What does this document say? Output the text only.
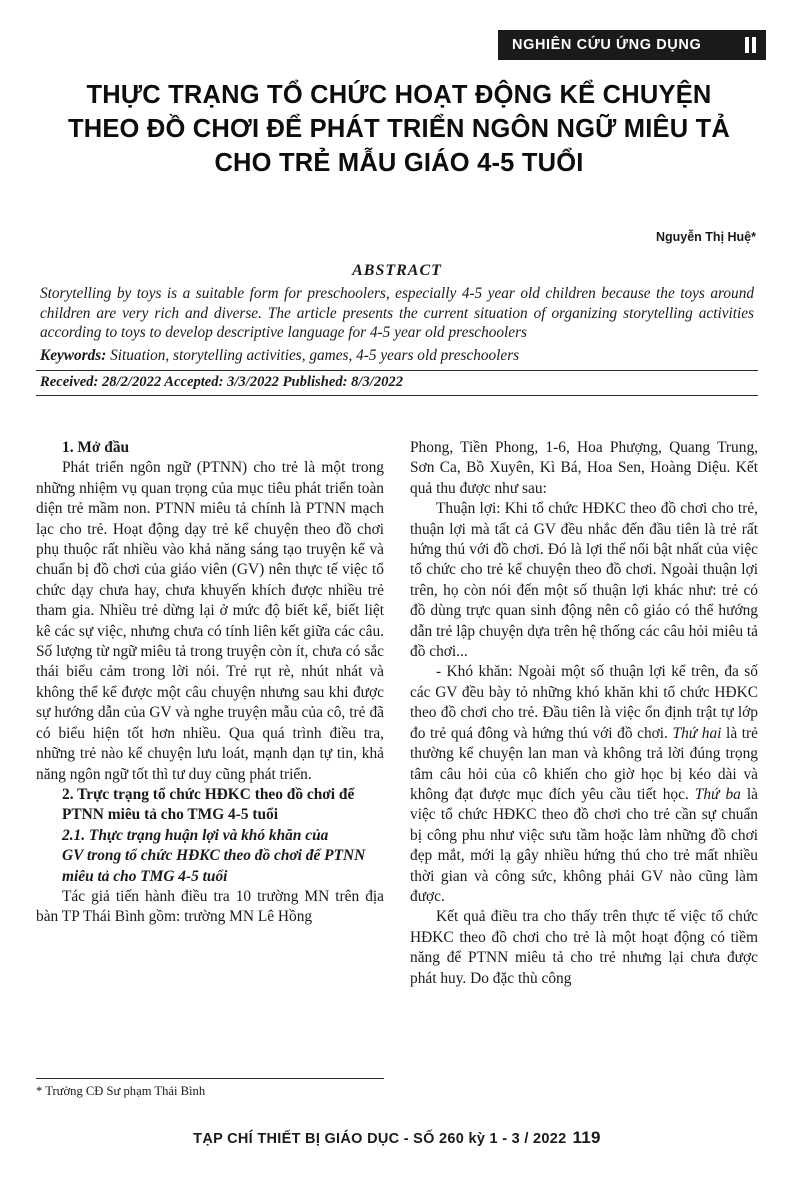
NGHIÊN CỨU ỨNG DỤNG
THỰC TRẠNG TỔ CHỨC HOẠT ĐỘNG KỂ CHUYỆN
THEO ĐỒ CHƠI ĐỂ PHÁT TRIỂN NGÔN NGỮ MIÊU TẢ
CHO TRẺ MẪU GIÁO 4-5 TUỔI
Nguyễn Thị Huệ*
ABSTRACT
Storytelling by toys is a suitable form for preschoolers, especially 4-5 year old children because the toys around children are very rich and diverse. The article presents the current situation of organizing storytelling activities according to toys to develop descriptive language for 4-5 year old preschoolers
Keywords: Situation, storytelling activities, games, 4-5 years old preschoolers
Received: 28/2/2022 Accepted: 3/3/2022 Published: 8/3/2022

1. Mở đầu

Phát triển ngôn ngữ (PTNN) cho trẻ là một trong những nhiệm vụ quan trọng của mục tiêu phát triển toàn diện trẻ mầm non. PTNN miêu tả chính là PTNN mạch lạc cho trẻ. Hoạt động dạy trẻ kể chuyện theo đồ chơi phụ thuộc rất nhiều vào khả năng sáng tạo truyện kể và chuẩn bị đồ chơi của giáo viên (GV) nên thực tế việc tổ chức dạy chưa hay, chưa khuyến khích được nhiều trẻ tham gia. Nhiều trẻ dừng lại ở mức độ biết kể, biết liệt kê các sự việc, nhưng chưa có tính liên kết giữa các câu. Số lượng từ ngữ miêu tả trong truyện còn ít, chưa có sắc thái biểu cảm trong lời nói. Trẻ rụt rè, nhút nhát và không thể kể được một câu chuyện nhưng sau khi được sự hướng dẫn của GV và nghe truyện mẫu của cô, trẻ đã có biểu hiện tốt hơn nhiều. Qua quá trình điều tra, những trẻ nào kể chuyện lưu loát, mạnh dạn tự tin, khả năng ngôn ngữ tốt thì tư duy cũng phát triển.

2. Trực trạng tổ chức HĐKC theo đồ chơi để

PTNN miêu tả cho TMG 4-5 tuổi

2.1. Thực trạng huận lợi và khó khăn của

GV trong tổ chức HĐKC theo đồ chơi để PTNN

miêu tả cho TMG 4-5 tuổi

Tác giả tiến hành điều tra 10 trường MN trên địa bàn TP Thái Bình gồm: trường MN Lê Hồng

Phong, Tiền Phong, 1-6, Hoa Phượng, Quang Trung, Sơn Ca, Bồ Xuyên, Kì Bá, Hoa Sen, Hoàng Diệu. Kết quả thu được như sau:

Thuận lợi: Khi tổ chức HĐKC theo đồ chơi cho trẻ, thuận lợi mà tất cả GV đều nhắc đến đầu tiên là trẻ rất hứng thú với đồ chơi. Đó là lợi thế nổi bật nhất của việc tổ chức cho trẻ kể chuyện theo đồ chơi. Ngoài thuận lợi trên, họ còn nói đến một số thuận lợi khác như: trẻ có đồ dùng trực quan sinh động nên cô giáo có thể hướng dẫn trẻ lập chuyện dựa trên hệ thống các câu hỏi miêu tả đồ chơi...

- Khó khăn: Ngoài một số thuận lợi kể trên, đa số các GV đều bày tỏ những khó khăn khi tổ chức HĐKC theo đồ chơi cho trẻ. Đầu tiên là việc ổn định trật tự lớp đo trẻ quá đông và hứng thú với đồ chơi. Thứ hai là trẻ thường kể chuyện lan man và không trả lời đúng trọng tâm câu hỏi của cô khiến cho giờ học bị kéo dài và không đạt được mục đích yêu cầu tiết học. Thứ ba là việc tổ chức HĐKC theo đồ chơi cho trẻ cần sự chuẩn bị công phu như việc sưu tầm hoặc làm những đồ chơi đẹp mắt, mới lạ gây nhiều hứng thú cho trẻ mất nhiều thời gian và công sức, không phải GV nào cũng làm được.

Kết quả điều tra cho thấy trên thực tế việc tổ chức HĐKC theo đồ chơi cho trẻ là một hoạt động có tiềm năng để PTNN miêu tả cho trẻ nhưng lại chưa được phát huy. Do đặc thù công

* Trường CĐ Sư phạm Thái Bình
TẠP CHÍ THIẾT BỊ GIÁO DỤC - SỐ 260 kỳ 1 - 3 / 2022 119
